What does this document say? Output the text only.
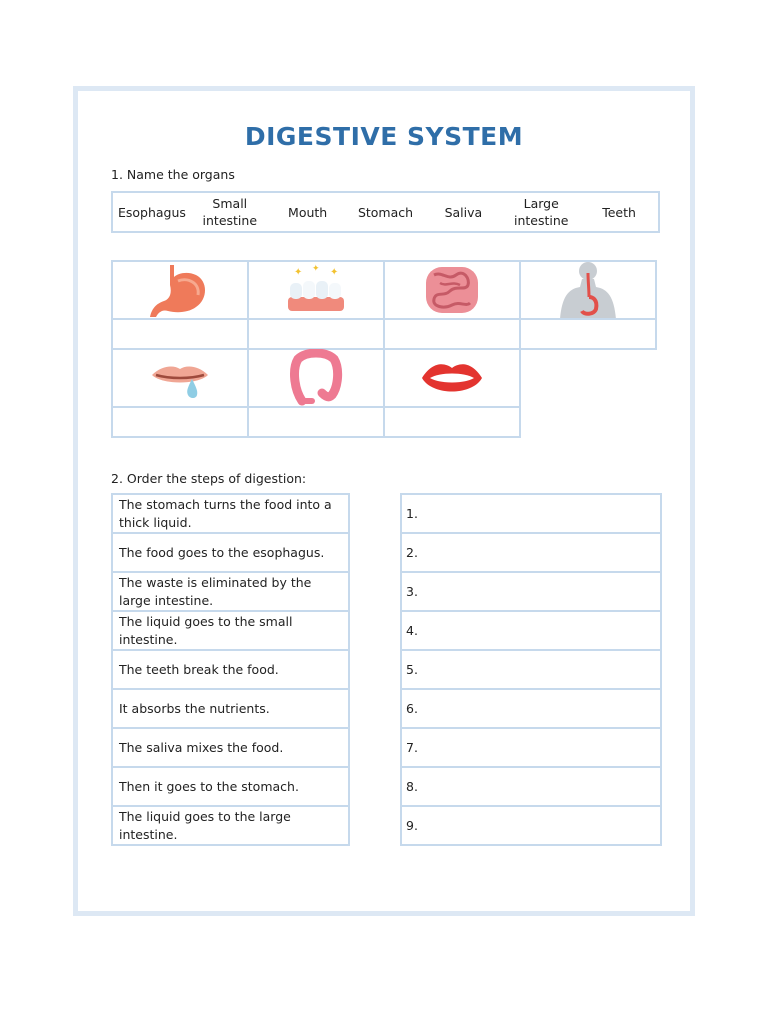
DIGESTIVE SYSTEM
1. Name the organs
Esophagus
Small
intestine
Mouth	Stomach	Saliva
Large
intestine
Teeth
✦ ✦ ✦
2. Order the steps of digestion:
The stomach turns the food into a thick liquid.
The food goes to the esophagus.
The waste is eliminated by the large intestine.
The liquid goes to the small intestine.
The teeth break the food.
It absorbs the nutrients.
The saliva mixes the food.
Then it goes to the stomach.
The liquid goes to the large intestine.
1.
2.
3.
4.
5.
6.
7.
8.
9.
